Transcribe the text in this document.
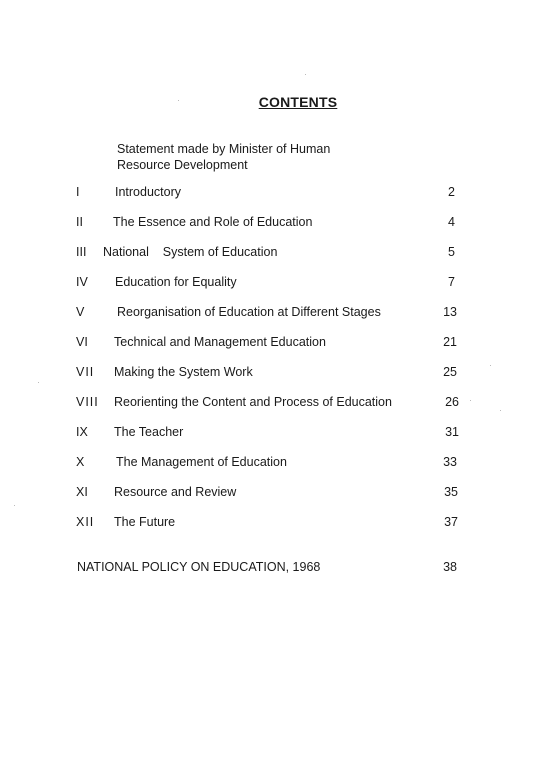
CONTENTS
Statement made by Minister of Human
Resource Development
I	Introductory	2
II The Essence and Role of Education	4
III National    System of Education	5
IV Education for Equality	7
V	Reorganisation of Education at Different Stages	13
VI Technical and Management Education	21
VII Making the System Work	25
VIII Reorienting the Content and Process of Education	26
IX The Teacher	31
X	The Management of Education	33
XI Resource and Review	35
XII The Future	37
NATIONAL POLICY ON EDUCATION, 1968	38
